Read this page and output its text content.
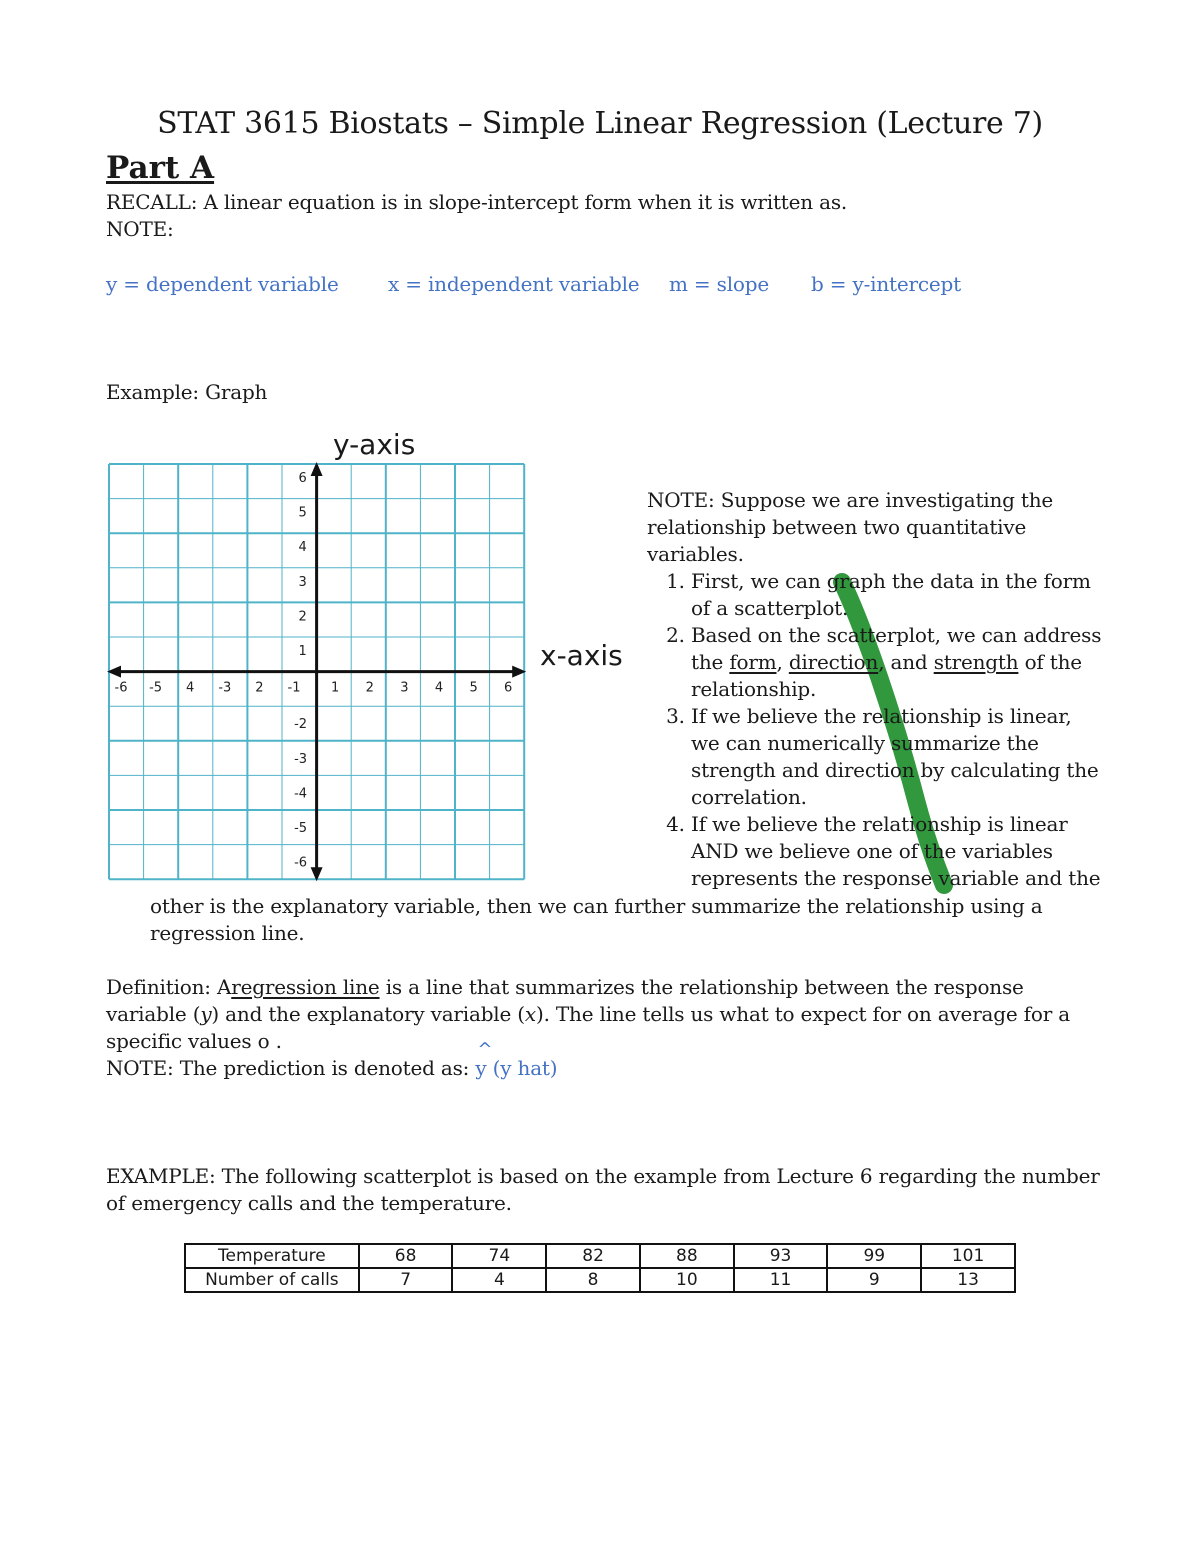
STAT 3615 Biostats – Simple Linear Regression (Lecture 7)
Part A
RECALL: A linear equation is in slope-intercept form when it is written as.
NOTE:
y = dependent variable x = independent variable m = slope b = y-intercept
Example: Graph
-6 -5 4 -3 2 -1 1 2 3 4 5 6
6
5
4
3
2
1
-2
-3
-4
-5
-6
y-axis
x-axis
NOTE: Suppose we are investigating the relationship between two quantitative variables.
1. First, we can graph the data in the form of a scatterplot.
2. Based on the scatterplot, we can address the form, direction, and strength of the relationship.
3. If we believe the relationship is linear, we can numerically summarize the strength and direction by calculating the correlation.
4. If we believe the relationship is linear AND we believe one of the variables represents the response variable and the
other is the explanatory variable, then we can further summarize the relationship using a regression line.
Definition: Aregression line is a line that summarizes the relationship between the response variable (y) and the explanatory variable (x). The line tells us what to expect for on average for a specific values o .
NOTE: The prediction is denoted as:
^
y (y hat)
EXAMPLE: The following scatterplot is based on the example from Lecture 6 regarding the number of emergency calls and the temperature.
Temperature	68	74	82	88	93	99	101
Number of calls	7	4	8	10	11	9	13
